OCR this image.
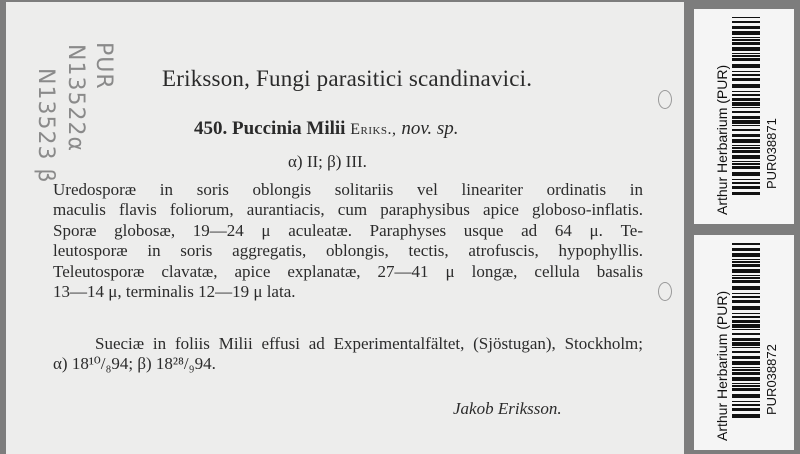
PUR
N13522α
N13523 β	Eriksson, Fungi parasitici scandinavici.
450. Puccinia Milii Eriks., nov. sp.
α) II; β) III.
Uredosporæ in soris oblongis solitariis vel lineariter ordinatis in
maculis flavis foliorum, aurantiacis, cum paraphysibus apice globoso-inflatis.
Sporæ globosæ, 19—24 μ aculeatæ. Paraphyses usque ad 64 μ. Te-
leutosporæ in soris aggregatis, oblongis, tectis, atrofuscis, hypophyllis.
Teleutosporæ clavatæ, apice explanatæ, 27—41 μ longæ, cellula basalis
13—14 μ, terminalis 12—19 μ lata.
Sueciæ in foliis Milii effusi ad Experimentalfältet, (Sjöstugan), Stockholm;
α) 18¹⁰/₈94; β) 18²⁸/₉94.
Jakob Eriksson.
Arthur Herbarium (PUR)	PUR038871
Arthur Herbarium (PUR)	PUR038872
